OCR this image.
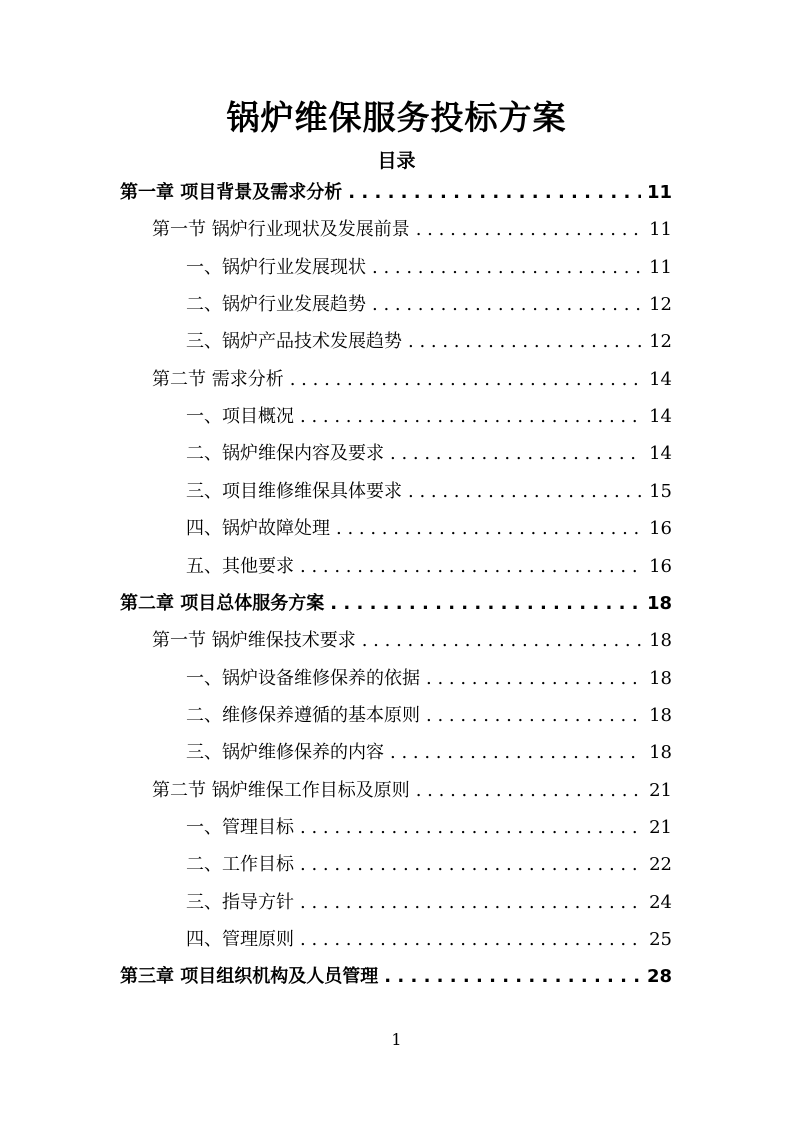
锅炉维保服务投标方案
目录
第一章 项目背景及需求分析 . . .	11
第一节 锅炉行业现状及发展前景 . . .	11
一、锅炉行业发展现状 . . .	11
二、锅炉行业发展趋势 . . .	12
三、锅炉产品技术发展趋势 . . .	12
第二节 需求分析 . . .	14
一、项目概况 . . .	14
二、锅炉维保内容及要求 . . .	14
三、项目维修维保具体要求 . . .	15
四、锅炉故障处理 . . .	16
五、其他要求 . . .	16
第二章 项目总体服务方案 . . .	18
第一节 锅炉维保技术要求 . . .	18
一、锅炉设备维修保养的依据 . . .	18
二、维修保养遵循的基本原则 . . .	18
三、锅炉维修保养的内容 . . .	18
第二节 锅炉维保工作目标及原则 . . .	21
一、管理目标 . . .	21
二、工作目标 . . .	22
三、指导方针 . . .	24
四、管理原则 . . .	25
第三章 项目组织机构及人员管理 . . .	28
1
